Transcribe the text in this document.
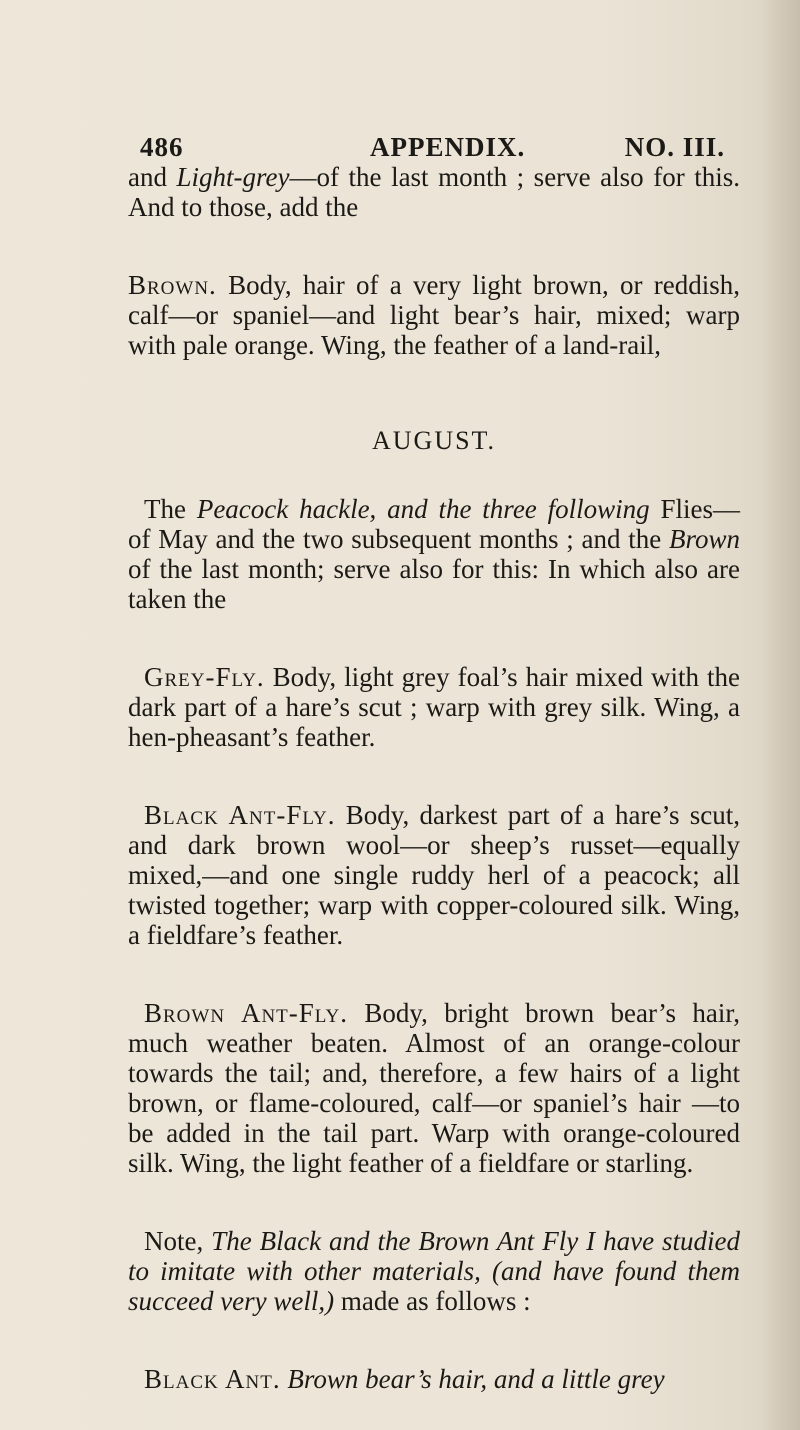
486	APPENDIX.	NO. III.

and Light-grey—of the last month ; serve also for this. And to those, add the

Brown. Body, hair of a very light brown, or reddish, calf—or spaniel—and light bear’s hair, mixed; warp with pale orange. Wing, the feather of a land-rail,

AUGUST.

The Peacock hackle, and the three following Flies— of May and the two subsequent months ; and the Brown of the last month; serve also for this: In which also are taken the

Grey-Fly. Body, light grey foal’s hair mixed with the dark part of a hare’s scut ; warp with grey silk. Wing, a hen-pheasant’s feather.

Black Ant-Fly. Body, darkest part of a hare’s scut, and dark brown wool—or sheep’s russet—equally mixed,—and one single ruddy herl of a peacock; all twisted together; warp with copper-coloured silk. Wing, a fieldfare’s feather.

Brown Ant-Fly. Body, bright brown bear’s hair, much weather beaten. Almost of an orange-colour towards the tail; and, therefore, a few hairs of a light brown, or flame-coloured, calf—or spaniel’s hair —to be added in the tail part. Warp with orange-coloured silk. Wing, the light feather of a fieldfare or starling.

Note, The Black and the Brown Ant Fly I have studied to imitate with other materials, (and have found them succeed very well,) made as follows :

Black Ant. Brown bear’s hair, and a little grey
